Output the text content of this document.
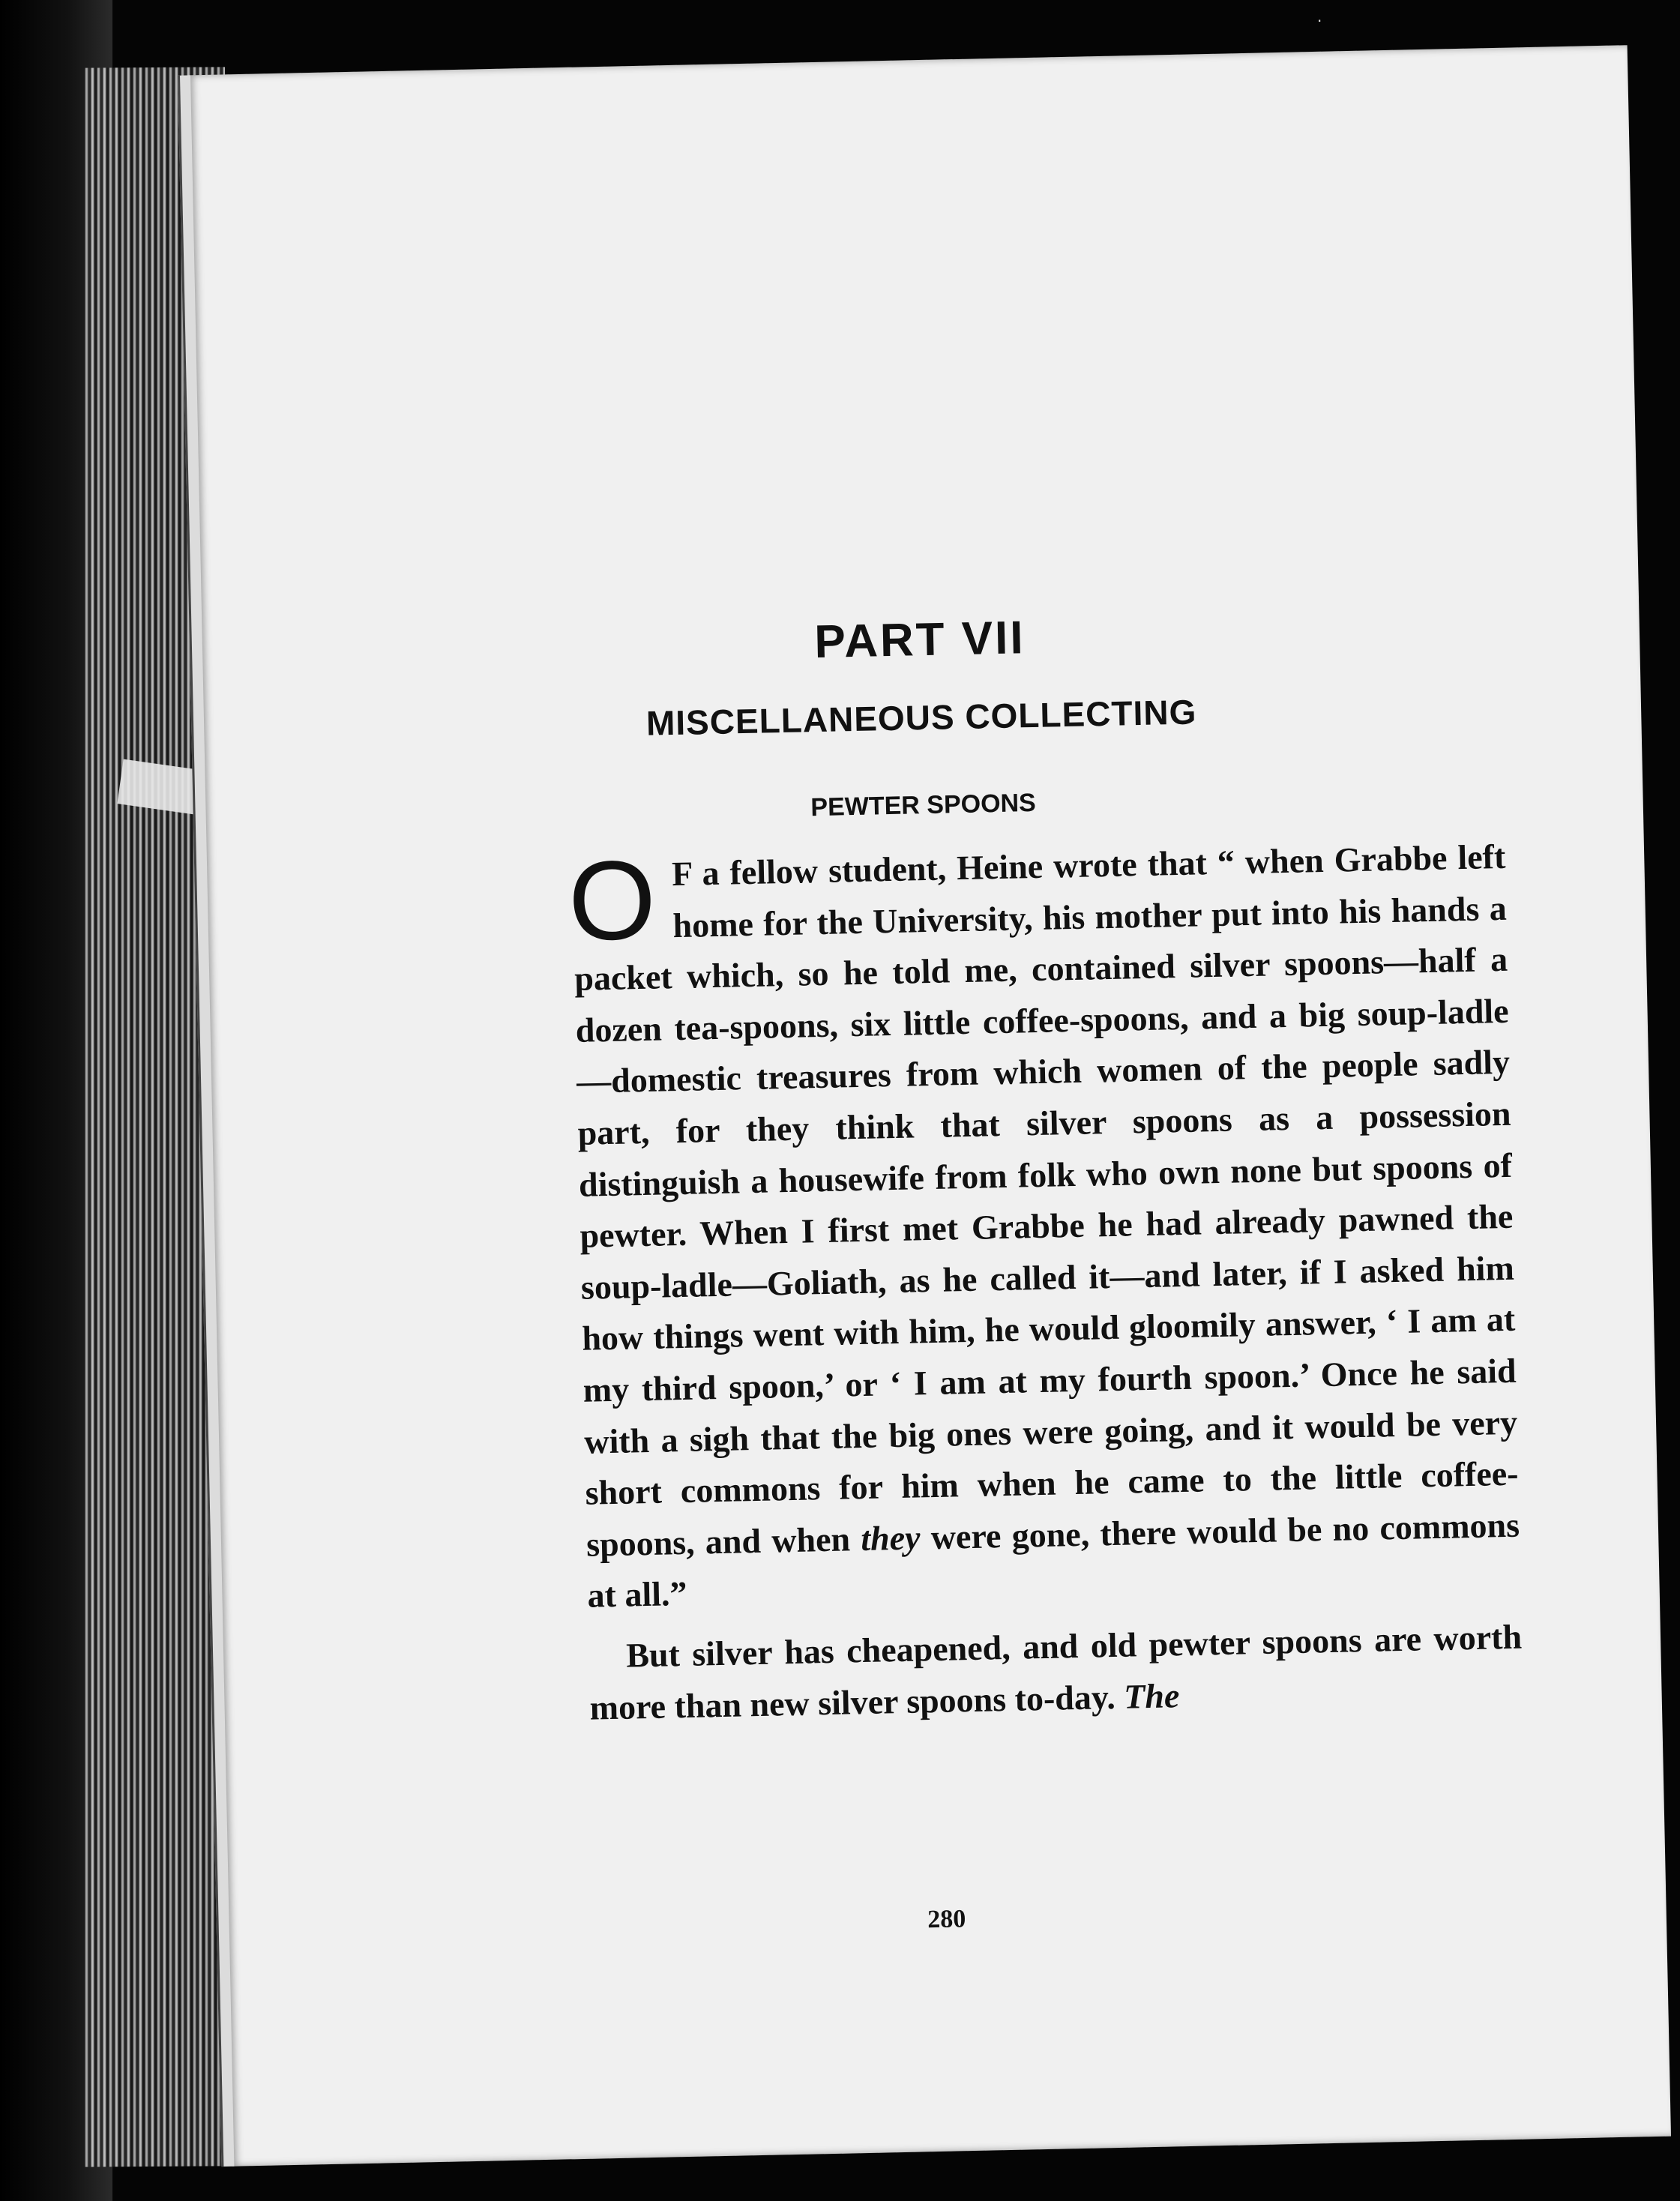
·
PART VII
MISCELLANEOUS COLLECTING
PEWTER SPOONS

O F a fellow student, Heine wrote that “ when Grabbe left home for the University, his mother put into his hands a packet which, so he told me, contained silver spoons—half a dozen tea-spoons, six little coffee-spoons, and a big soup-ladle—domestic treasures from which women of the people sadly part, for they think that silver spoons as a possession distinguish a housewife from folk who own none but spoons of pewter. When I first met Grabbe he had already pawned the soup-ladle—Goliath, as he called it—and later, if I asked him how things went with him, he would gloomily answer, ‘ I am at my third spoon,’ or ‘ I am at my fourth spoon.’ Once he said with a sigh that the big ones were going, and it would be very short commons for him when he came to the little coffee-spoons, and when they were gone, there would be no commons at all.”

But silver has cheapened, and old pewter spoons are worth more than new silver spoons to-day. The

280
